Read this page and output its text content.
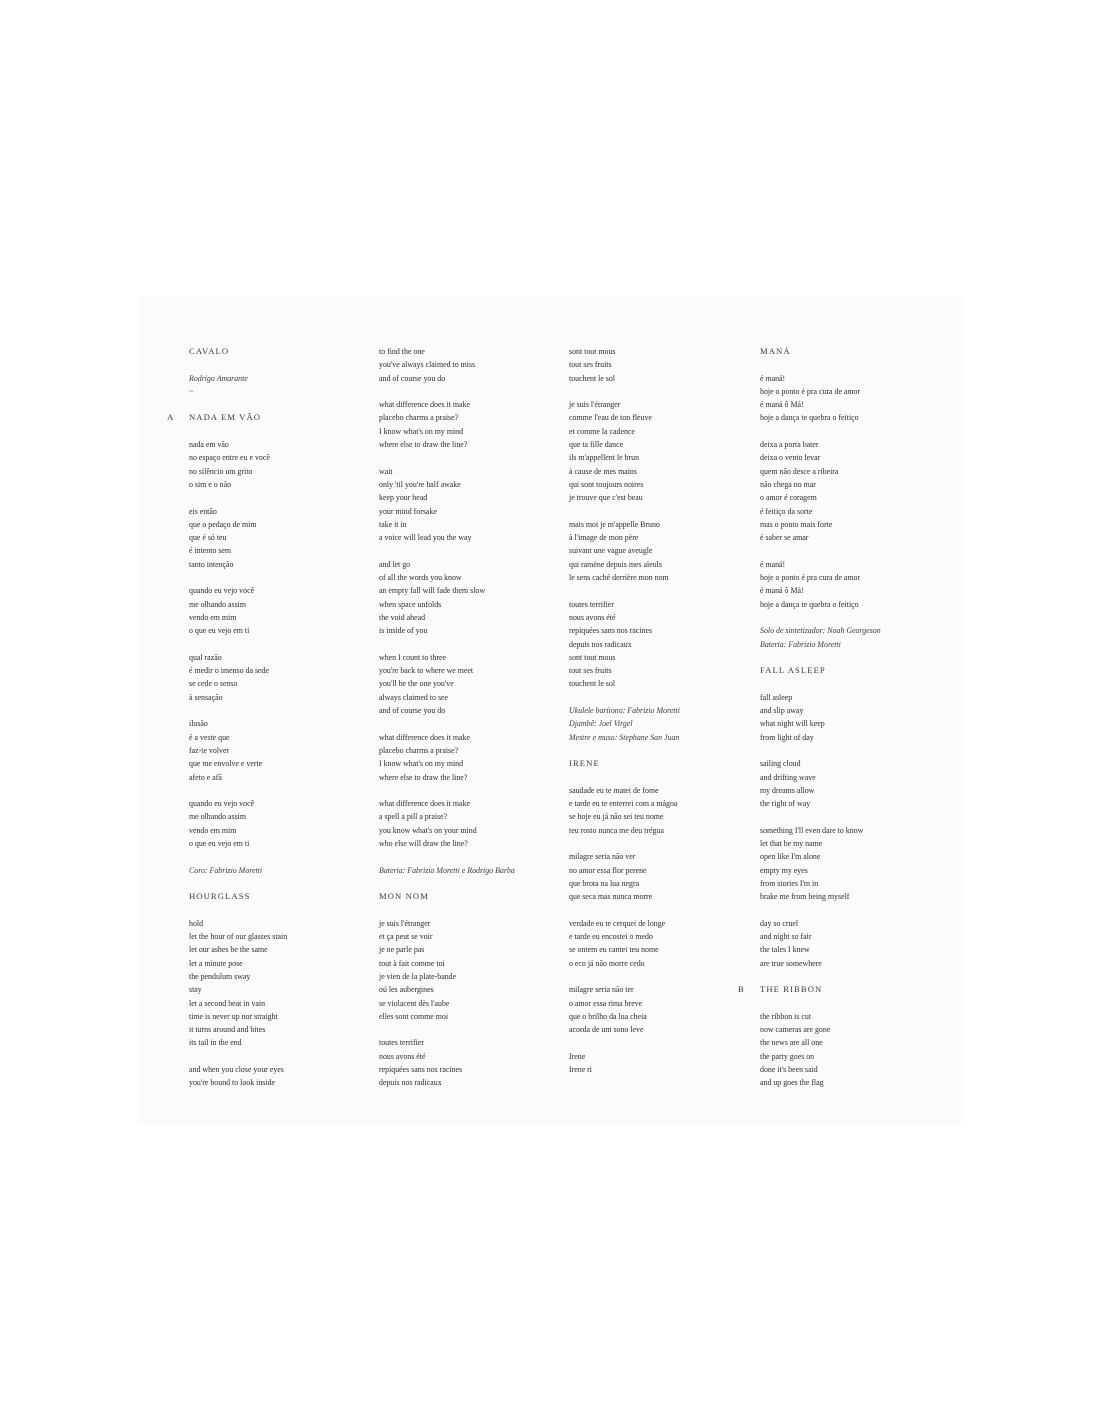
CAVALO
Rodrigo Amarante
~
A NADA EM VÃO
nada em vão
no espaço entre eu e você
no silêncio um grito
o sim e o não
eis então
que o pedaço de mim
que é só teu
é intento sem
tanto intenção
quando eu vejo você
me olhando assim
vendo em mim
o que eu vejo em ti
qual razão
é medir o imenso da sede
se cede o senso
à sensação
ilusão
é a veste que
faz-te volver
que me envolve e verte
afeto e afã
quando eu vejo você
me olhando assim
vendo em mim
o que eu vejo em ti
Coro: Fabrizio Moretti
HOURGLASS
hold
let the hour of our glasses stain
let our ashes be the same
let a minute pose
the pendulum sway
stay
let a second beat in vain
time is never up nor straight
it turns around and bites
its tail in the end
and when you close your eyes
you're bound to look inside
to find the one
you've always claimed to miss
and of course you do
what difference does it make
placebo charms a praise?
I know what's on my mind
where else to draw the line?
wait
only 'til you're half awake
keep your head
your mind forsake
take it in
a voice will lead you the way
and let go
of all the words you know
an empty fall will fade them slow
when space unfolds
the void ahead
is inside of you
when I count to three
you're back to where we meet
you'll be the one you've
always claimed to see
and of course you do
what difference does it make
placebo charms a praise?
I know what's on my mind
where else to draw the line?
what difference does it make
a spell a pill a praise?
you know what's on your mind
who else will draw the line?
Bateria: Fabrizio Moretti e Rodrigo Barba
MON NOM
je suis l'étranger
et ça peut se voir
je ne parle pas
tout à fait comme toi
je vien de la plate-bande
oú les aubergines
se violacent dès l'aube
elles sont comme moi
toutes terrifier
nous avons été
repiquées sans nos racines
depuis nos radicaux
sont tout mous
tout ses fruits
touchent le sol
je suis l'étranger
comme l'eau de ton fleuve
et comme la cadence
que ta fille dance
ils m'appellent le brun
à cause de mes mains
qui sont toujours noires
je trouve que c'est beau
mais moi je m'appelle Bruno
à l'image de mon père
suivant une vague aveugle
qui ramène depuis mes aïeuls
le sens caché derrière mon nom
toutes terrifier
nous avons été
repiquées sans nos racines
depuis nos radicaux
sont tout mous
tout ses fruits
touchent le sol
Ukulele barítono: Fabrizio Moretti
Djambê: Joel Virgel
Mestre e muso: Stephane San Juan
IRENE
saudade eu te matei de fome
e tarde eu te enterrei com a mágoa
se hoje eu já não sei teu nome
teu rosto nunca me deu trégua
milagre seria não ver
no amor essa flor perene
que brota na lua negra
que seca mas nunca morre
verdade eu te cerquei de longe
e tarde eu encostei o medo
se ontem eu cantei teu nome
o eco já não morre cedo
milagre seria não ter
o amor essa rima breve
que o brilho da lua cheia
acorda de um sono leve
Irene
Irene ri
MANÁ
é maná!
hoje o ponto é pra cura de amor
é maná ô Má!
hoje a dança te quebra o feitiço
deixa a porta bater
deixa o vento levar
quem não desce a ribeira
não chega no mar
o amor é coragem
é feitiço da sorte
mas o ponto mais forte
é saber se amar
é maná!
hoje o ponto é pra cura de amor
é maná ô Má!
hoje a dança te quebra o feitiço
Solo de sintetizador: Noah Georgeson
Bateria: Fabrizio Moretti
FALL ASLEEP
fall asleep
and slip away
what night will keep
from light of day
sailing cloud
and drifting wave
my dreams allow
the right of way
something I'll even dare to know
let that be my name
open like I'm alone
empty my eyes
from stories I'm in
brake me from being myself
day so cruel
and night so fair
the tales I knew
are true somewhere
B THE RIBBON
the ribbon is cut
now cameras are gone
the news are all one
the party goes on
done it's been said
and up goes the flag
